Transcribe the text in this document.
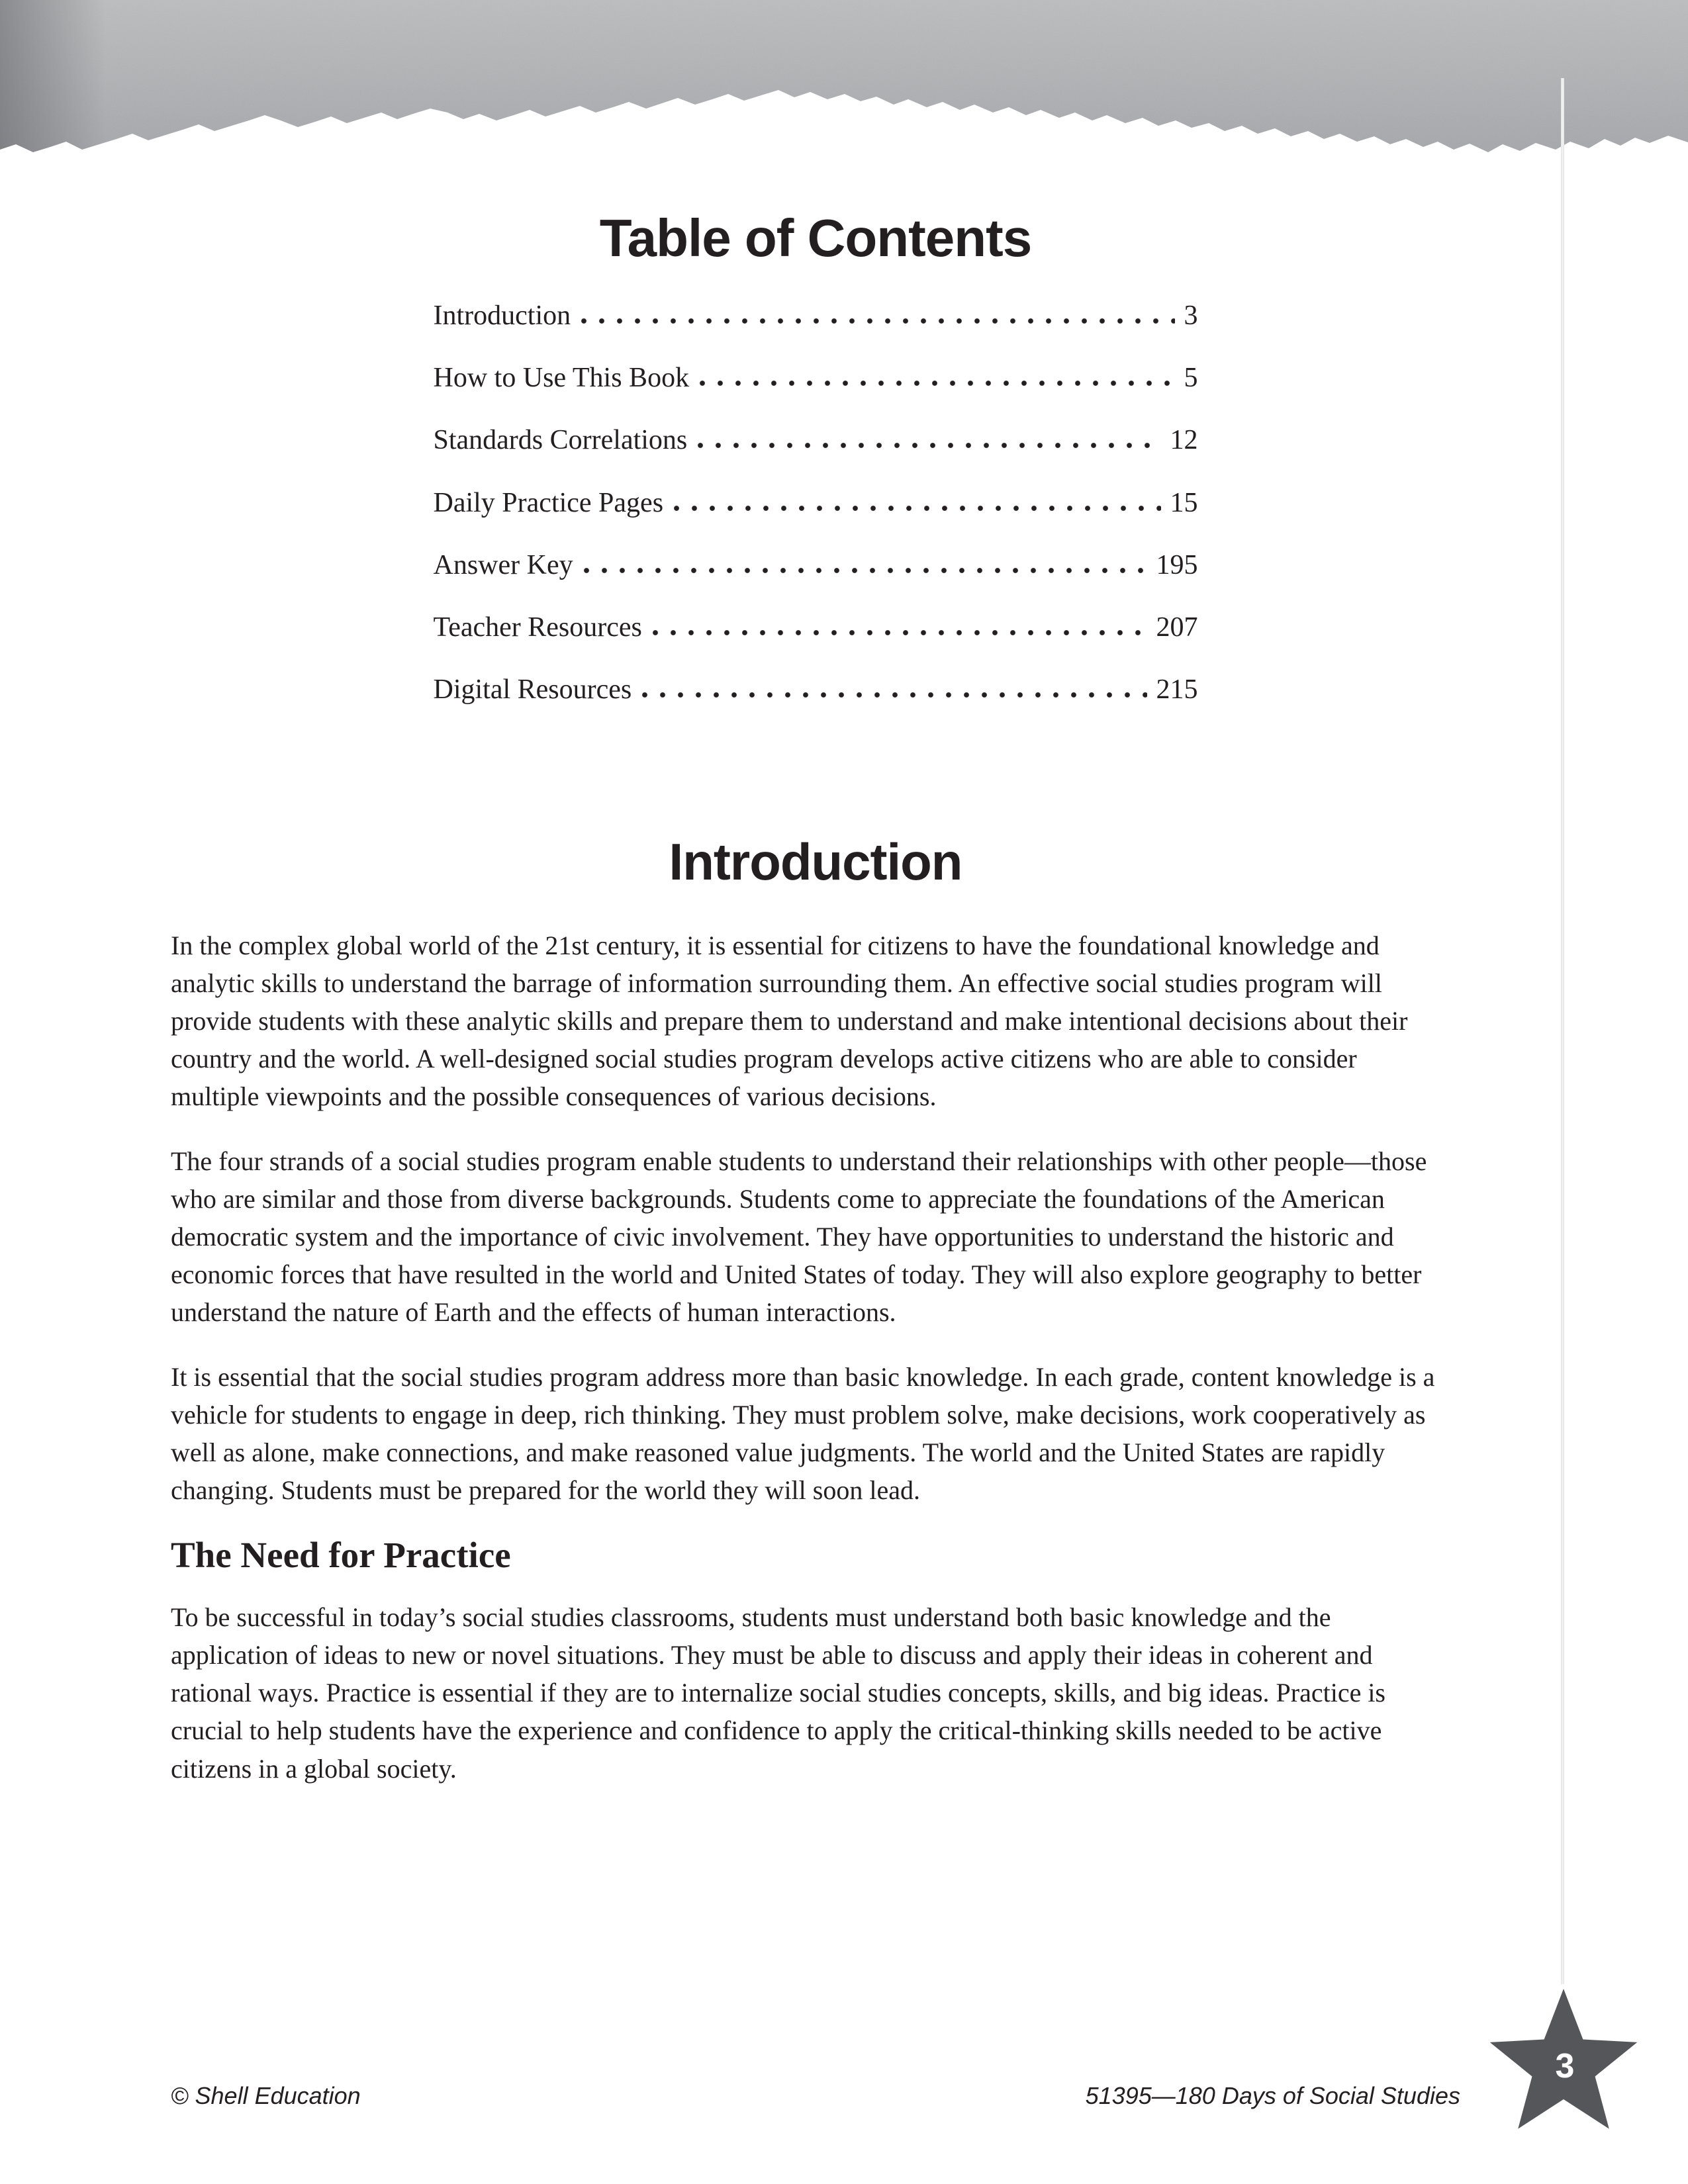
3
Table of Contents
Introduction	3
How to Use This Book	5
Standards Correlations	12
Daily Practice Pages	15
Answer Key	195
Teacher Resources	207
Digital Resources	215
Introduction

In the complex global world of the 21st century, it is essential for citizens to have the foundational knowledge and analytic skills to understand the barrage of information surrounding them. An effective social studies program will provide students with these analytic skills and prepare them to understand and make intentional decisions about their country and the world. A well-designed social studies program develops active citizens who are able to consider multiple viewpoints and the possible consequences of various decisions.

The four strands of a social studies program enable students to understand their relationships with other people—those who are similar and those from diverse backgrounds. Students come to appreciate the foundations of the American democratic system and the importance of civic involvement. They have opportunities to understand the historic and economic forces that have resulted in the world and United States of today. They will also explore geography to better understand the nature of Earth and the effects of human interactions.

It is essential that the social studies program address more than basic knowledge. In each grade, content knowledge is a vehicle for students to engage in deep, rich thinking. They must problem solve, make decisions, work cooperatively as well as alone, make connections, and make reasoned value judgments. The world and the United States are rapidly changing. Students must be prepared for the world they will soon lead.

The Need for Practice

To be successful in today’s social studies classrooms, students must understand both basic knowledge and the application of ideas to new or novel situations. They must be able to discuss and apply their ideas in coherent and rational ways. Practice is essential if they are to internalize social studies concepts, skills, and big ideas. Practice is crucial to help students have the experience and confidence to apply the critical-thinking skills needed to be active citizens in a global society.

© Shell Education	51395—180 Days of Social Studies
